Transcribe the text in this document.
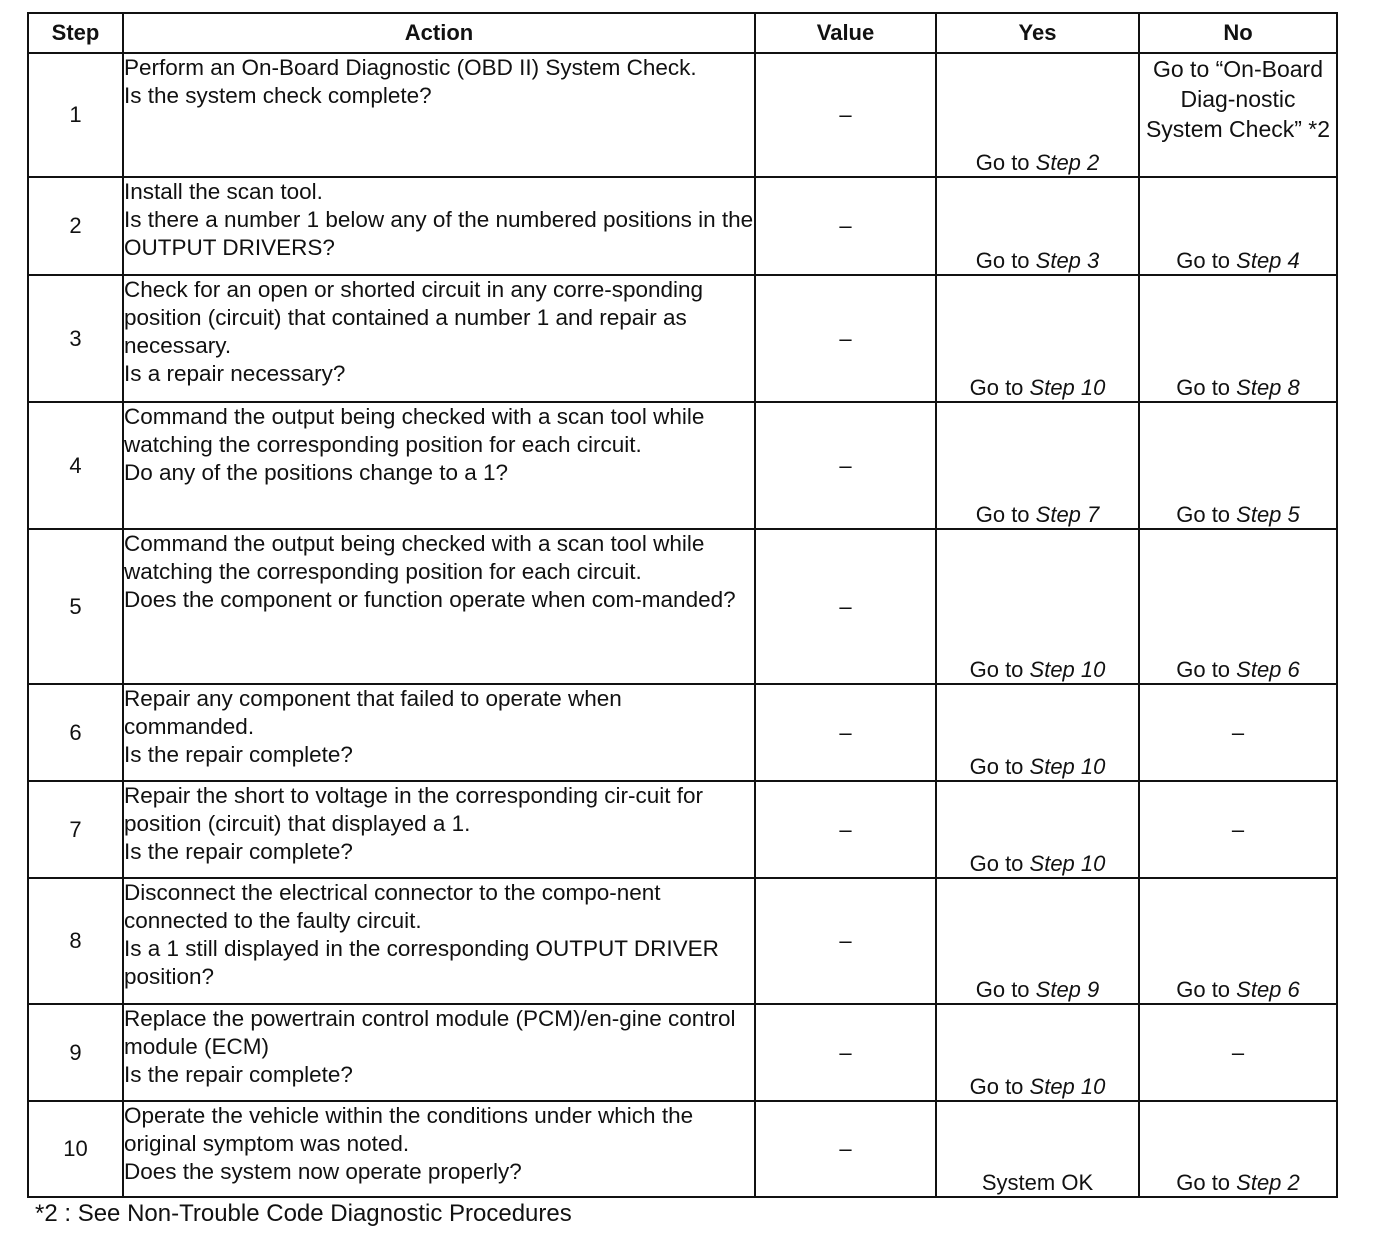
Step	Action	Value	Yes	No
1	Perform an On-Board Diagnostic (OBD II) System Check.
Is the system check complete?	–	Go to Step 2	Go to “On-Board Diag-nostic System Check” *2
2	Install the scan tool.
Is there a number 1 below any of the numbered positions in the OUTPUT DRIVERS?	–	Go to Step 3	Go to Step 4
3	Check for an open or shorted circuit in any corre-sponding position (circuit) that contained a number 1 and repair as necessary.
Is a repair necessary?	–	Go to Step 10	Go to Step 8
4	Command the output being checked with a scan tool while watching the corresponding position for each circuit.
Do any of the positions change to a 1?	–	Go to Step 7	Go to Step 5
5	Command the output being checked with a scan tool while watching the corresponding position for each circuit.
Does the component or function operate when com-manded?	–	Go to Step 10	Go to Step 6
6	Repair any component that failed to operate when commanded.
Is the repair complete?	–	Go to Step 10	–
7	Repair the short to voltage in the corresponding cir-cuit for position (circuit) that displayed a 1.
Is the repair complete?	–	Go to Step 10	–
8	Disconnect the electrical connector to the compo-nent connected to the faulty circuit.
Is a 1 still displayed in the corresponding OUTPUT DRIVER position?	–	Go to Step 9	Go to Step 6
9	Replace the powertrain control module (PCM)/en-gine control module (ECM)
Is the repair complete?	–	Go to Step 10	–
10	Operate the vehicle within the conditions under which the original symptom was noted.
Does the system now operate properly?	–	System OK	Go to Step 2
*2 : See Non-Trouble Code Diagnostic Procedures
